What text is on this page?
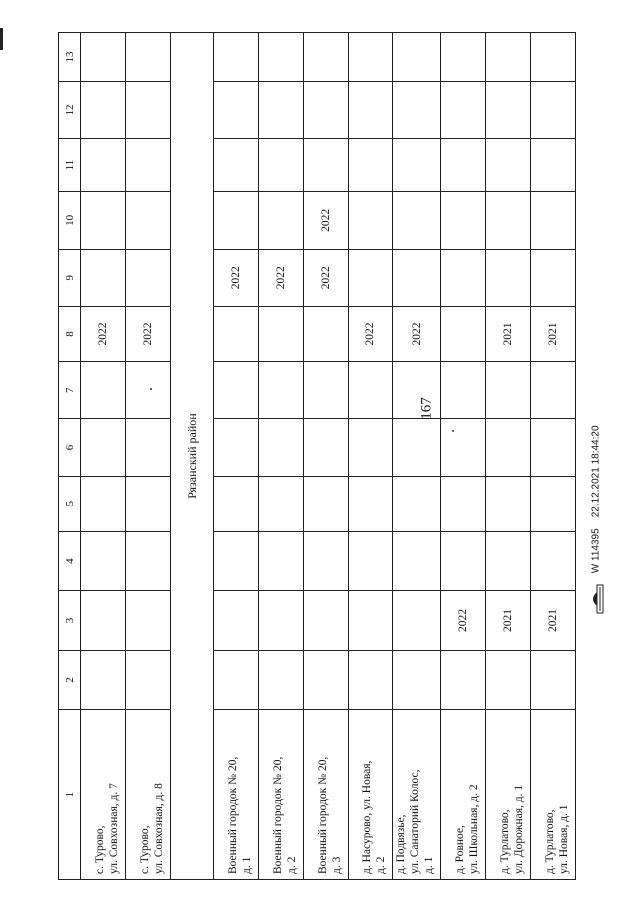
167
1	2	3	4	5	6	7	8	9	10	11	12	13

с. Турово, ул. Совхозная, д. 7							2022					

с. Турово, ул. Совхозная, д. 8							2022					
Рязанский район												

Военный городок № 20, д. 1								2022				

Военный городок № 20, д. 2								2022				

Военный городок № 20, д. 3								2022	2022			

д. Насурово, ул. Новая, д. 2							2022					

д. Подвязье, ул. Санаторий Колос, д. 1							2022					

д. Ровное, ул. Школьная, д. 2		2022										

д. Турлатово, ул. Дорожная, д. 1		2021					2021					

д. Турлатово, ул. Новая, д. 1		2021					2021					
W 114395    22.12.2021 18:44:20
